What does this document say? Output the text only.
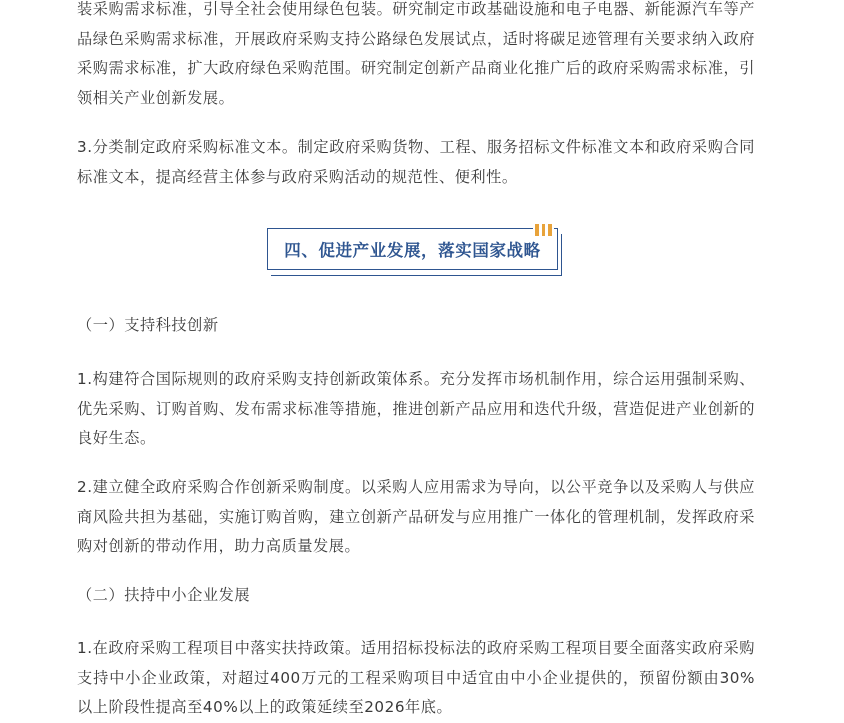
装采购需求标准，引导全社会使用绿色包装。研究制定市政基础设施和电子电器、新能源汽车等产品绿色采购需求标准，开展政府采购支持公路绿色发展试点，适时将碳足迹管理有关要求纳入政府采购需求标准，扩大政府绿色采购范围。研究制定创新产品商业化推广后的政府采购需求标准，引领相关产业创新发展。

3.分类制定政府采购标准文本。制定政府采购货物、工程、服务招标文件标准文本和政府采购合同标准文本，提高经营主体参与政府采购活动的规范性、便利性。

四、促进产业发展，落实国家战略

（一）支持科技创新

1.构建符合国际规则的政府采购支持创新政策体系。充分发挥市场机制作用，综合运用强制采购、优先采购、订购首购、发布需求标准等措施，推进创新产品应用和迭代升级，营造促进产业创新的良好生态。

2.建立健全政府采购合作创新采购制度。以采购人应用需求为导向，以公平竞争以及采购人与供应商风险共担为基础，实施订购首购，建立创新产品研发与应用推广一体化的管理机制，发挥政府采购对创新的带动作用，助力高质量发展。

（二）扶持中小企业发展

1.在政府采购工程项目中落实扶持政策。适用招标投标法的政府采购工程项目要全面落实政府采购支持中小企业政策，对超过400万元的工程采购项目中适宜由中小企业提供的，预留份额由30%以上阶段性提高至40%以上的政策延续至2026年底。
